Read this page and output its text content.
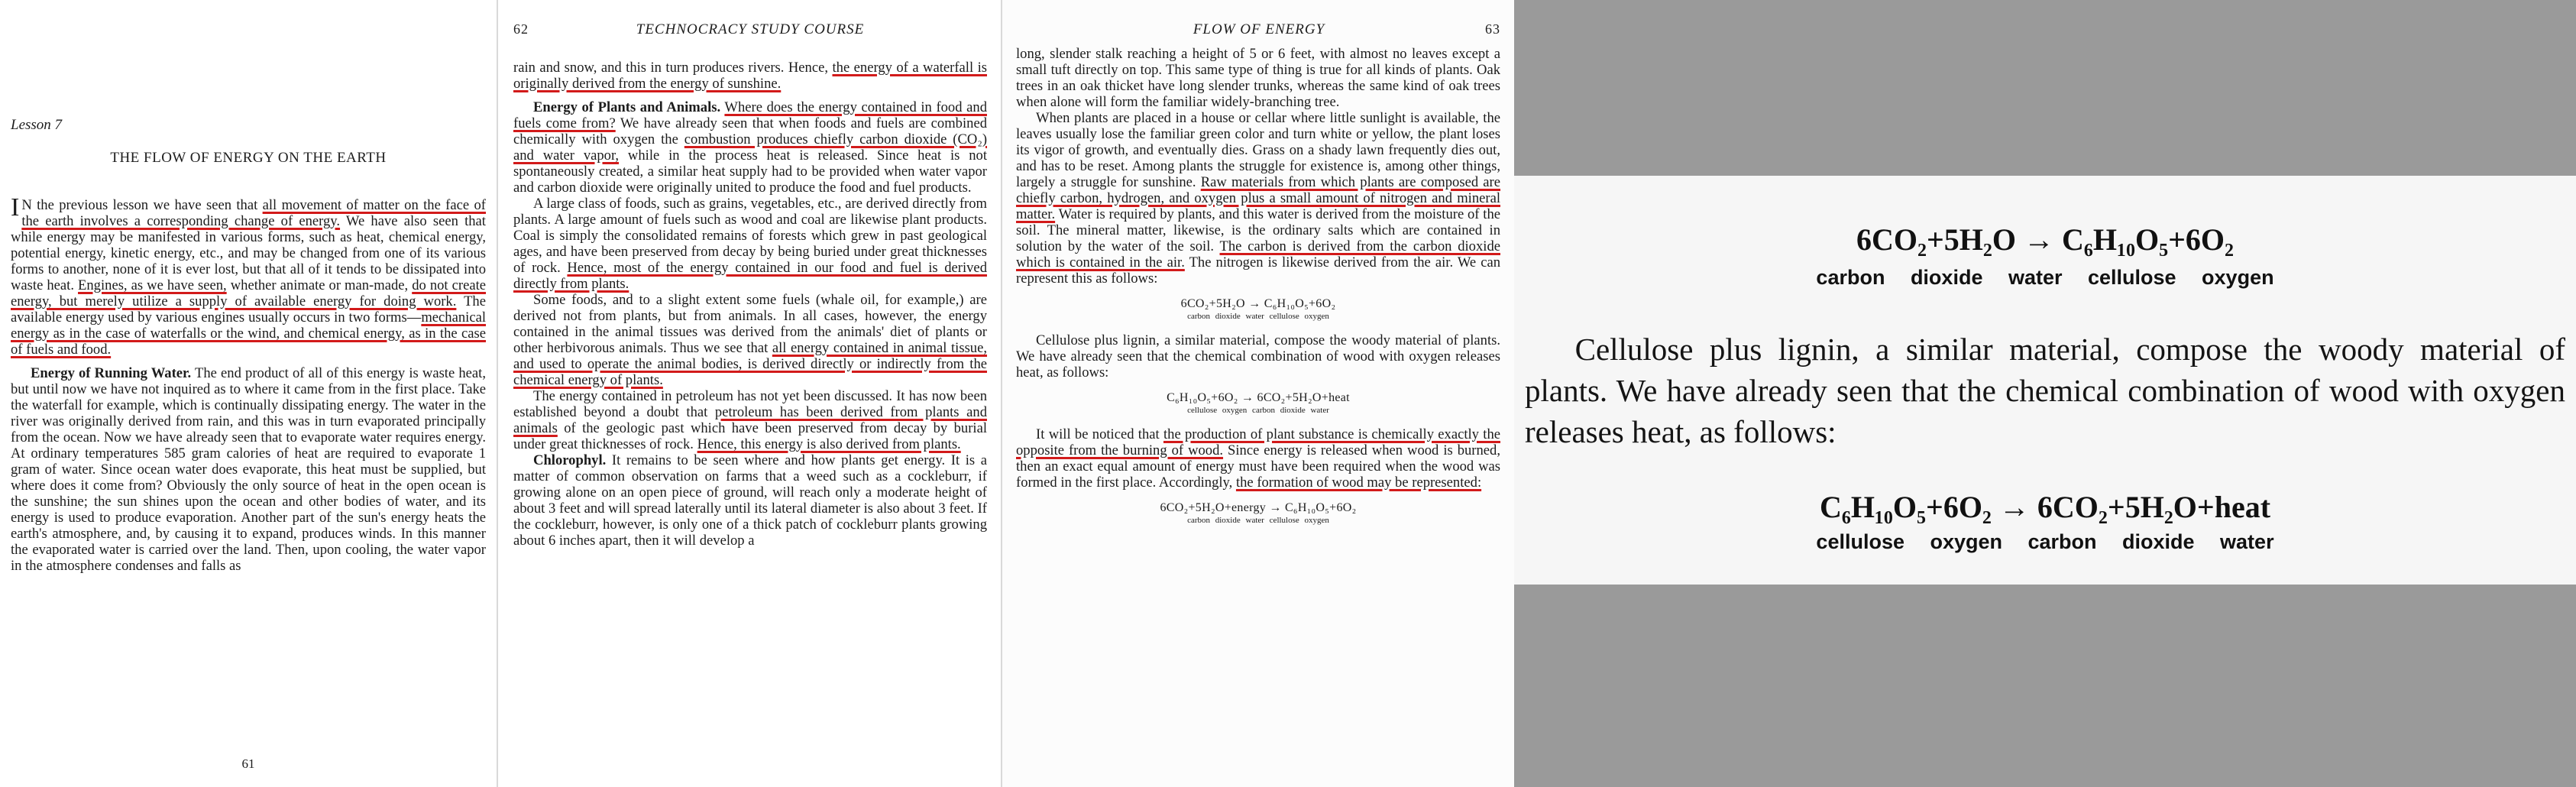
Lesson 7
THE FLOW OF ENERGY ON THE EARTH

I N the previous lesson we have seen that all movement of matter on the face of the earth involves a corresponding change of energy. We have also seen that while energy may be manifested in various forms, such as heat, chemical energy, potential energy, kinetic energy, etc., and may be changed from one of its various forms to another, none of it is ever lost, but that all of it tends to be dissipated into waste heat. Engines, as we have seen, whether animate or man-made, do not create energy, but merely utilize a supply of available energy for doing work. The available energy used by various engines usually occurs in two forms—mechanical energy as in the case of waterfalls or the wind, and chemical energy, as in the case of fuels and food.

Energy of Running Water. The end product of all of this energy is waste heat, but until now we have not inquired as to where it came from in the first place. Take the waterfall for example, which is continually dissipating energy. The water in the river was originally derived from rain, and this was in turn evaporated principally from the ocean. Now we have already seen that to evaporate water requires energy. At ordinary temperatures 585 gram calories of heat are required to evaporate 1 gram of water. Since ocean water does evaporate, this heat must be supplied, but where does it come from? Obviously the only source of heat in the open ocean is the sunshine; the sun shines upon the ocean and other bodies of water, and its energy is used to produce evaporation. Another part of the sun's energy heats the earth's atmosphere, and, by causing it to expand, produces winds. In this manner the evaporated water is carried over the land. Then, upon cooling, the water vapor in the atmosphere condenses and falls as

61
62	TECHNOCRACY STUDY COURSE

rain and snow, and this in turn produces rivers. Hence, the energy of a waterfall is originally derived from the energy of sunshine.

Energy of Plants and Animals. Where does the energy contained in food and fuels come from? We have already seen that when foods and fuels are combined chemically with oxygen the combustion produces chiefly carbon dioxide (CO₂) and water vapor, while in the process heat is released. Since heat is not spontaneously created, a similar heat supply had to be provided when water vapor and carbon dioxide were originally united to produce the food and fuel products.

A large class of foods, such as grains, vegetables, etc., are derived directly from plants. A large amount of fuels such as wood and coal are likewise plant products. Coal is simply the consolidated remains of forests which grew in past geological ages, and have been preserved from decay by being buried under great thicknesses of rock. Hence, most of the energy contained in our food and fuel is derived directly from plants.

Some foods, and to a slight extent some fuels (whale oil, for example,) are derived not from plants, but from animals. In all cases, however, the energy contained in the animal tissues was derived from the animals' diet of plants or other herbivorous animals. Thus we see that all energy contained in animal tissue, and used to operate the animal bodies, is derived directly or indirectly from the chemical energy of plants.

The energy contained in petroleum has not yet been discussed. It has now been established beyond a doubt that petroleum has been derived from plants and animals of the geologic past which have been preserved from decay by burial under great thicknesses of rock. Hence, this energy is also derived from plants.

Chlorophyl. It remains to be seen where and how plants get energy. It is a matter of common observation on farms that a weed such as a cockleburr, if growing alone on an open piece of ground, will reach only a moderate height of about 3 feet and will spread laterally until its lateral diameter is also about 3 feet. If the cockleburr, however, is only one of a thick patch of cockleburr plants growing about 6 inches apart, then it will develop a

FLOW OF ENERGY	63

long, slender stalk reaching a height of 5 or 6 feet, with almost no leaves except a small tuft directly on top. This same type of thing is true for all kinds of plants. Oak trees in an oak thicket have long slender trunks, whereas the same kind of oak trees when alone will form the familiar widely-branching tree.

When plants are placed in a house or cellar where little sunlight is available, the leaves usually lose the familiar green color and turn white or yellow, the plant loses its vigor of growth, and eventually dies. Grass on a shady lawn frequently dies out, and has to be reset. Among plants the struggle for existence is, among other things, largely a struggle for sunshine. Raw materials from which plants are composed are chiefly carbon, hydrogen, and oxygen plus a small amount of nitrogen and mineral matter. Water is required by plants, and this water is derived from the moisture of the soil. The mineral matter, likewise, is the ordinary salts which are contained in solution by the water of the soil. The carbon is derived from the carbon dioxide which is contained in the air. The nitrogen is likewise derived from the air. We can represent this as follows:

6CO₂+5H₂O → C₆H₁₀O₅+6O₂
carbon dioxide water cellulose oxygen

Cellulose plus lignin, a similar material, compose the woody material of plants. We have already seen that the chemical combination of wood with oxygen releases heat, as follows:

C₆H₁₀O₅+6O₂ → 6CO₂+5H₂O+heat
cellulose oxygen carbon dioxide water

It will be noticed that the production of plant substance is chemically exactly the opposite from the burning of wood. Since energy is released when wood is burned, then an exact equal amount of energy must have been required when the wood was formed in the first place. Accordingly, the formation of wood may be represented:

6CO₂+5H₂O+energy → C₆H₁₀O₅+6O₂
carbon dioxide water cellulose oxygen
6CO₂+5H₂O → C₆H₁₀O₅+6O₂
carbon dioxide water cellulose oxygen
Cellulose plus lignin, a similar material, compose the woody material of plants. We have already seen that the chemical combination of wood with oxygen releases heat, as follows:
C₆H₁₀O₅+6O₂ → 6CO₂+5H₂O+heat
cellulose oxygen carbon dioxide water
